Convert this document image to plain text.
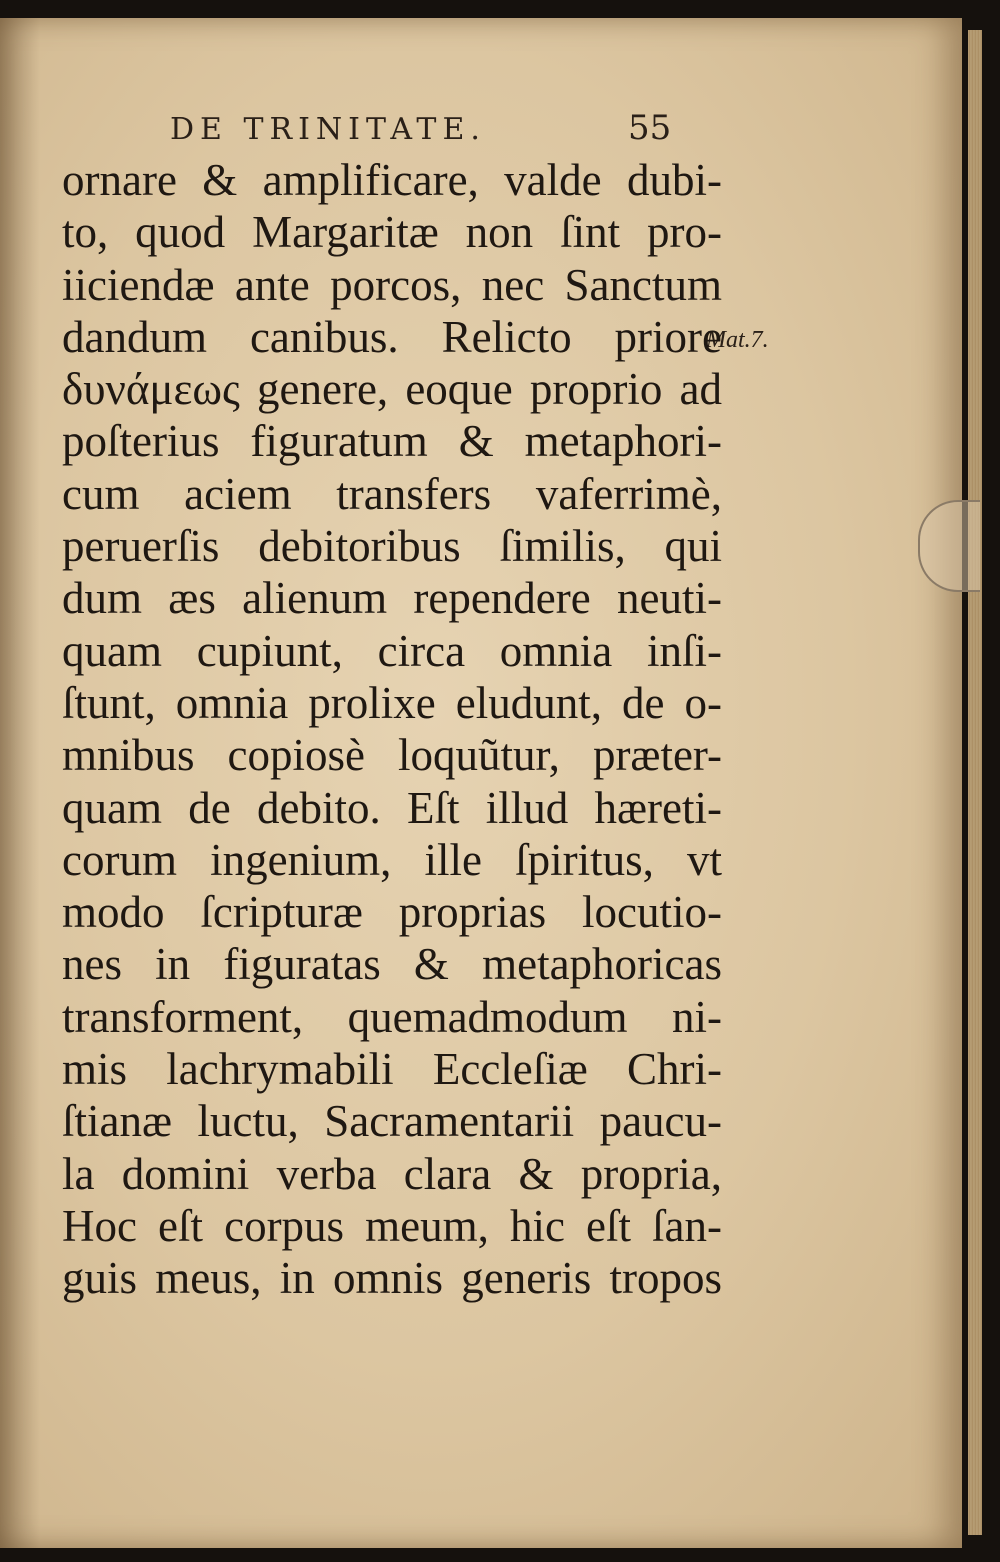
DE TRINITATE.	55
Mat.7.
ornare & amplificare, valde dubi-
to, quod Margaritæ non ſint pro-
iiciendæ ante porcos, nec Sanctum
dandum canibus. Relicto priore
δυνάμεως genere, eoque proprio ad
poſterius figuratum & metaphori-
cum aciem transfers vaferrimè,
peruerſis debitoribus ſimilis, qui
dum æs alienum rependere neuti-
quam cupiunt, circa omnia inſi-
ſtunt, omnia prolixe eludunt, de o-
mnibus copiosè loquũtur, præter-
quam de debito. Eſt illud hæreti-
corum ingenium, ille ſpiritus, vt
modo ſcripturæ proprias locutio-
nes in figuratas & metaphoricas
transforment, quemadmodum ni-
mis lachrymabili Eccleſiæ Chri-
ſtianæ luctu, Sacramentarii paucu-
la domini verba clara & propria,
Hoc eſt corpus meum, hic eſt ſan-
guis meus, in omnis generis tropos
